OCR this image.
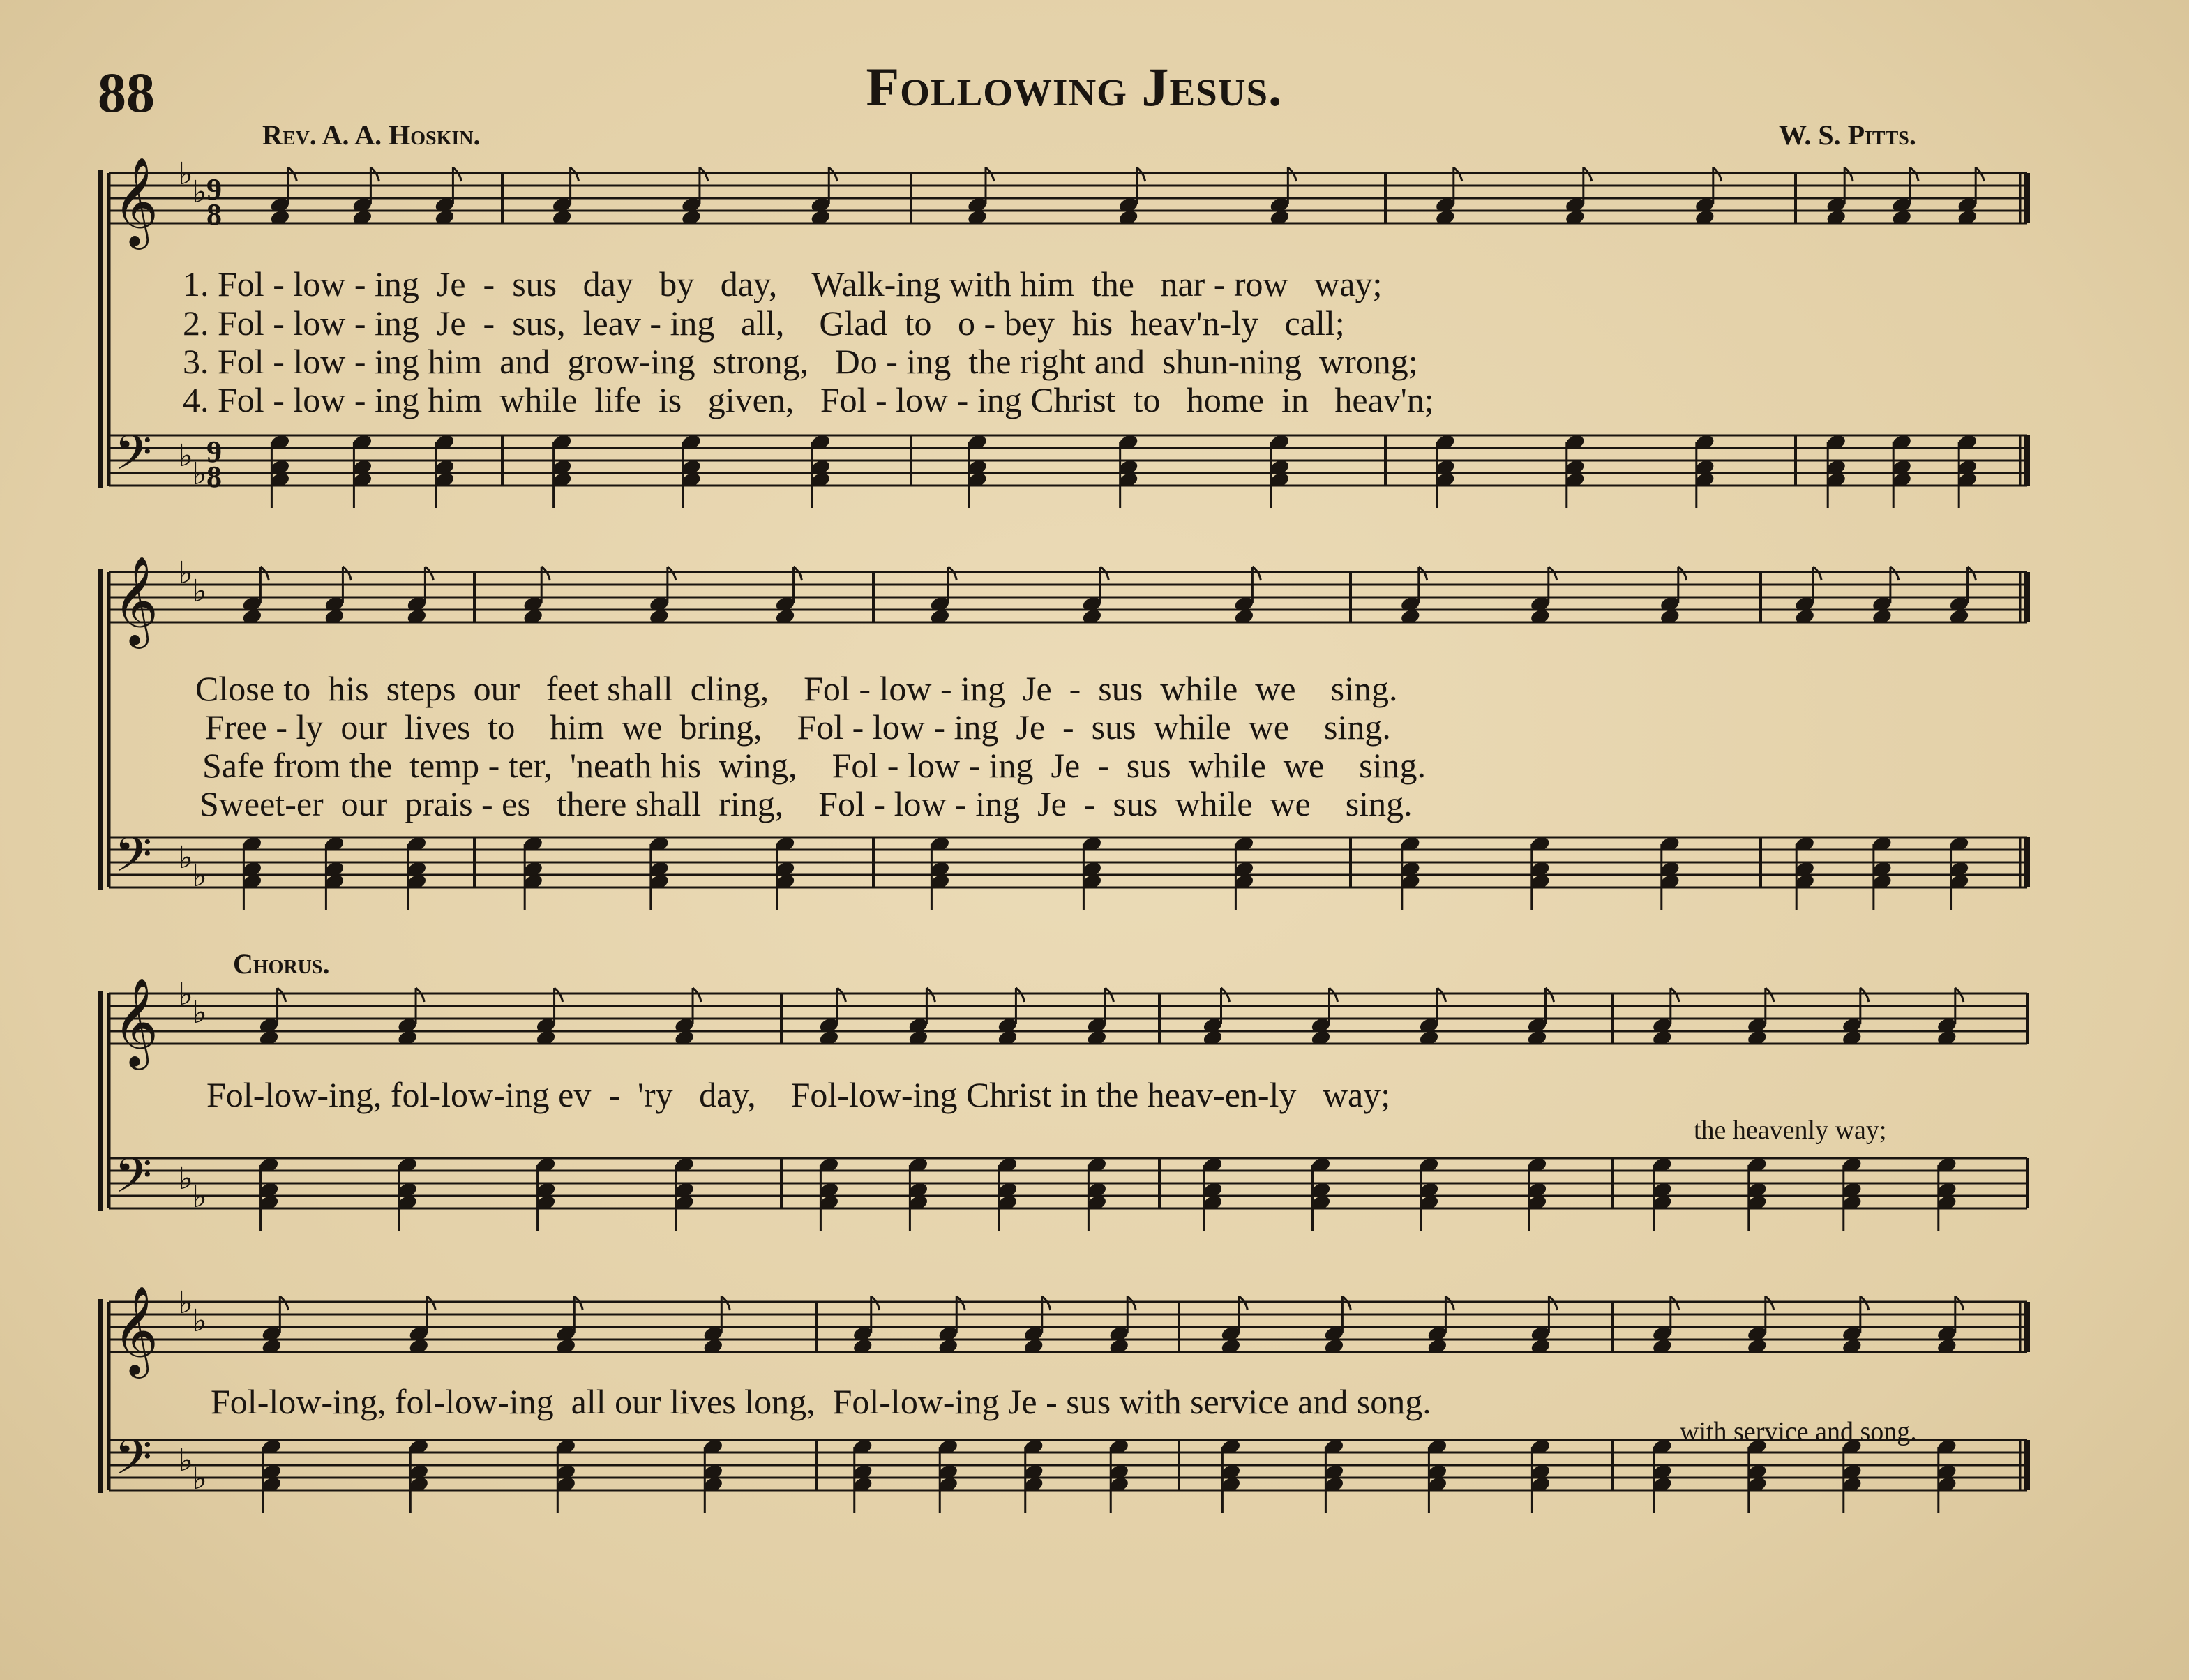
88	Following Jesus.
Rev. A. A. Hoskin.	W. S. Pitts.
𝄞
𝄢
♭
♭
♭
♭
9
8
9
8
𝄞
𝄢
♭
♭
♭
♭
𝄞
𝄢
♭
♭
♭
♭
𝄞
𝄢
♭
♭
♭
♭
1. Fol - low - ing  Je  -  sus   day   by   day,    Walk-ing with him  the   nar - row   way;
2. Fol - low - ing  Je  -  sus,  leav - ing   all,    Glad  to   o - bey  his  heav'n-ly   call;
3. Fol - low - ing him  and  grow-ing  strong,   Do - ing  the right and  shun-ning  wrong;
4. Fol - low - ing him  while  life  is   given,   Fol - low - ing Christ  to   home  in   heav'n;
Close to  his  steps  our   feet shall  cling,    Fol - low - ing  Je  -  sus  while  we    sing.
Free - ly  our  lives  to    him  we  bring,    Fol - low - ing  Je  -  sus  while  we    sing.
Safe from the  temp - ter,  'neath his  wing,    Fol - low - ing  Je  -  sus  while  we    sing.
Sweet-er  our  prais - es   there shall  ring,    Fol - low - ing  Je  -  sus  while  we    sing.
Chorus.
Fol-low-ing, fol-low-ing ev  -  'ry   day,    Fol-low-ing Christ in the heav-en-ly   way;
the heavenly way;
Fol-low-ing, fol-low-ing  all our lives long,  Fol-low-ing Je - sus with service and song.
with service and song.
